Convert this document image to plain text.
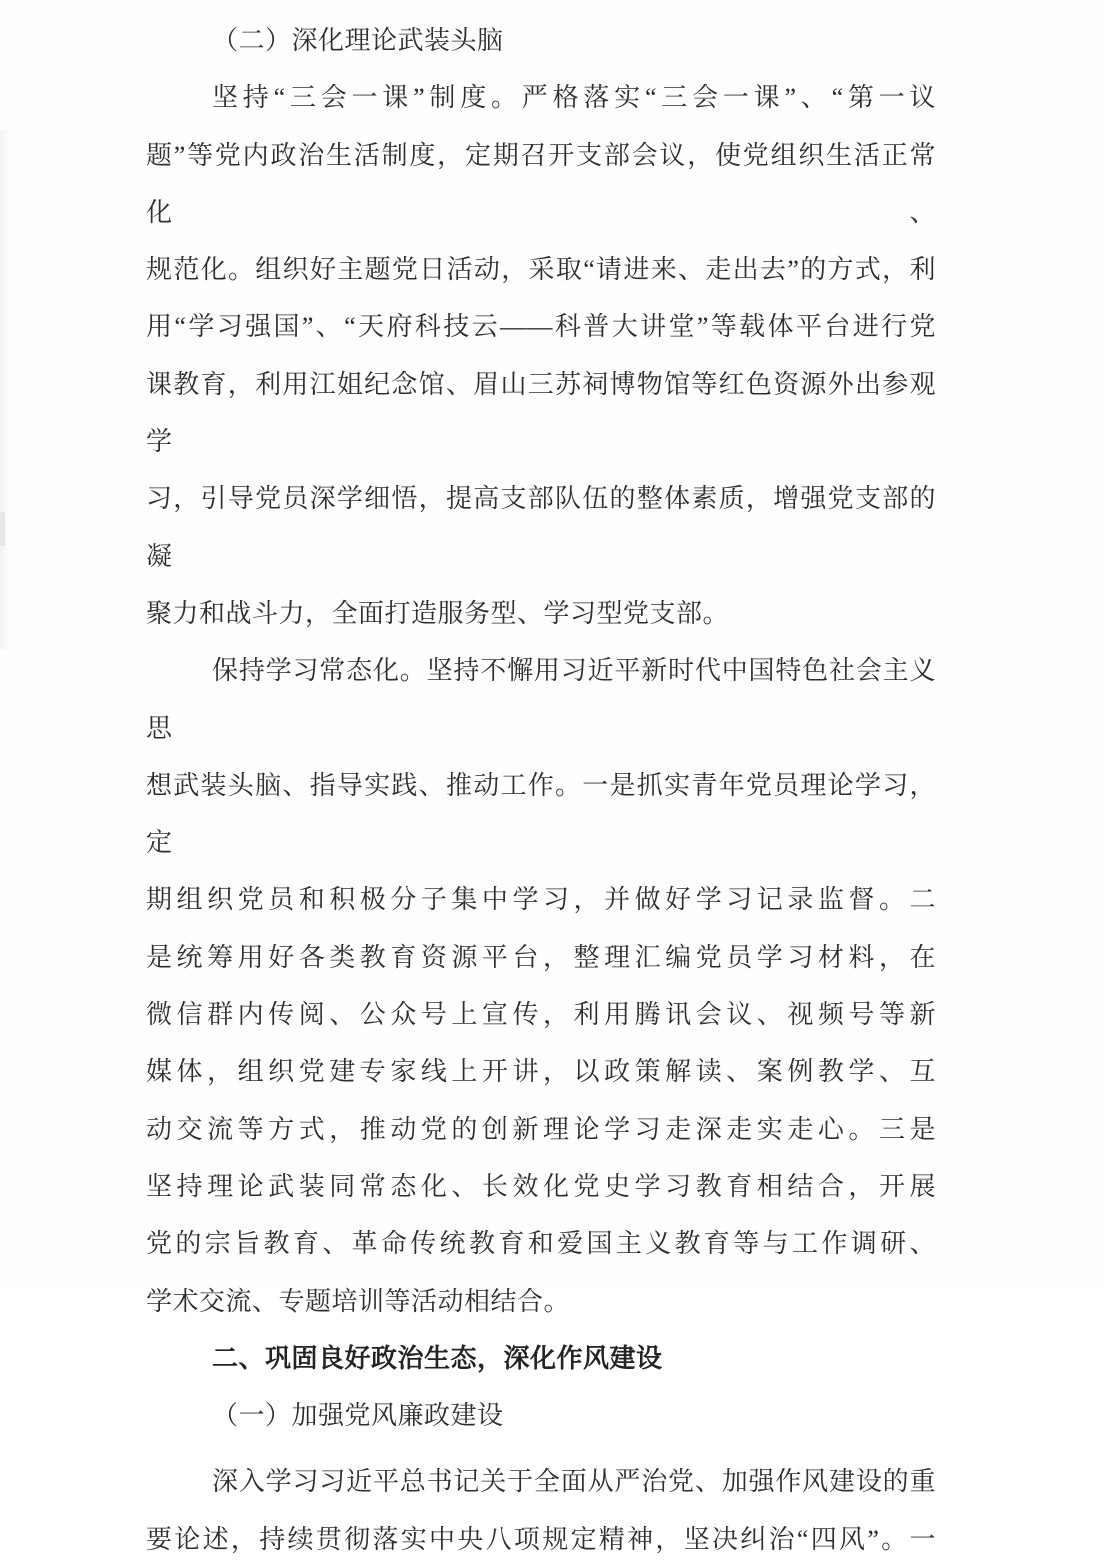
（二）深化理论武装头脑
坚持“三会一课”制度。严格落实“三会一课”、“第一议
题”等党内政治生活制度，定期召开支部会议，使党组织生活正常化、
规范化。组织好主题党日活动，采取“请进来、走出去”的方式，利
用“学习强国”、“天府科技云——科普大讲堂”等载体平台进行党
课教育，利用江姐纪念馆、眉山三苏祠博物馆等红色资源外出参观学
习，引导党员深学细悟，提高支部队伍的整体素质，增强党支部的凝
聚力和战斗力，全面打造服务型、学习型党支部。
保持学习常态化。坚持不懈用习近平新时代中国特色社会主义思
想武装头脑、指导实践、推动工作。一是抓实青年党员理论学习，定
期组织党员和积极分子集中学习，并做好学习记录监督。二
是统筹用好各类教育资源平台，整理汇编党员学习材料，在
微信群内传阅、公众号上宣传，利用腾讯会议、视频号等新
媒体，组织党建专家线上开讲，以政策解读、案例教学、互
动交流等方式，推动党的创新理论学习走深走实走心。三是
坚持理论武装同常态化、长效化党史学习教育相结合，开展
党的宗旨教育、革命传统教育和爱国主义教育等与工作调研、
学术交流、专题培训等活动相结合。
二、巩固良好政治生态，深化作风建设
（一）加强党风廉政建设
深入学习习近平总书记关于全面从严治党、加强作风建设的重
要论述，持续贯彻落实中央八项规定精神，坚决纠治“四风”。一
